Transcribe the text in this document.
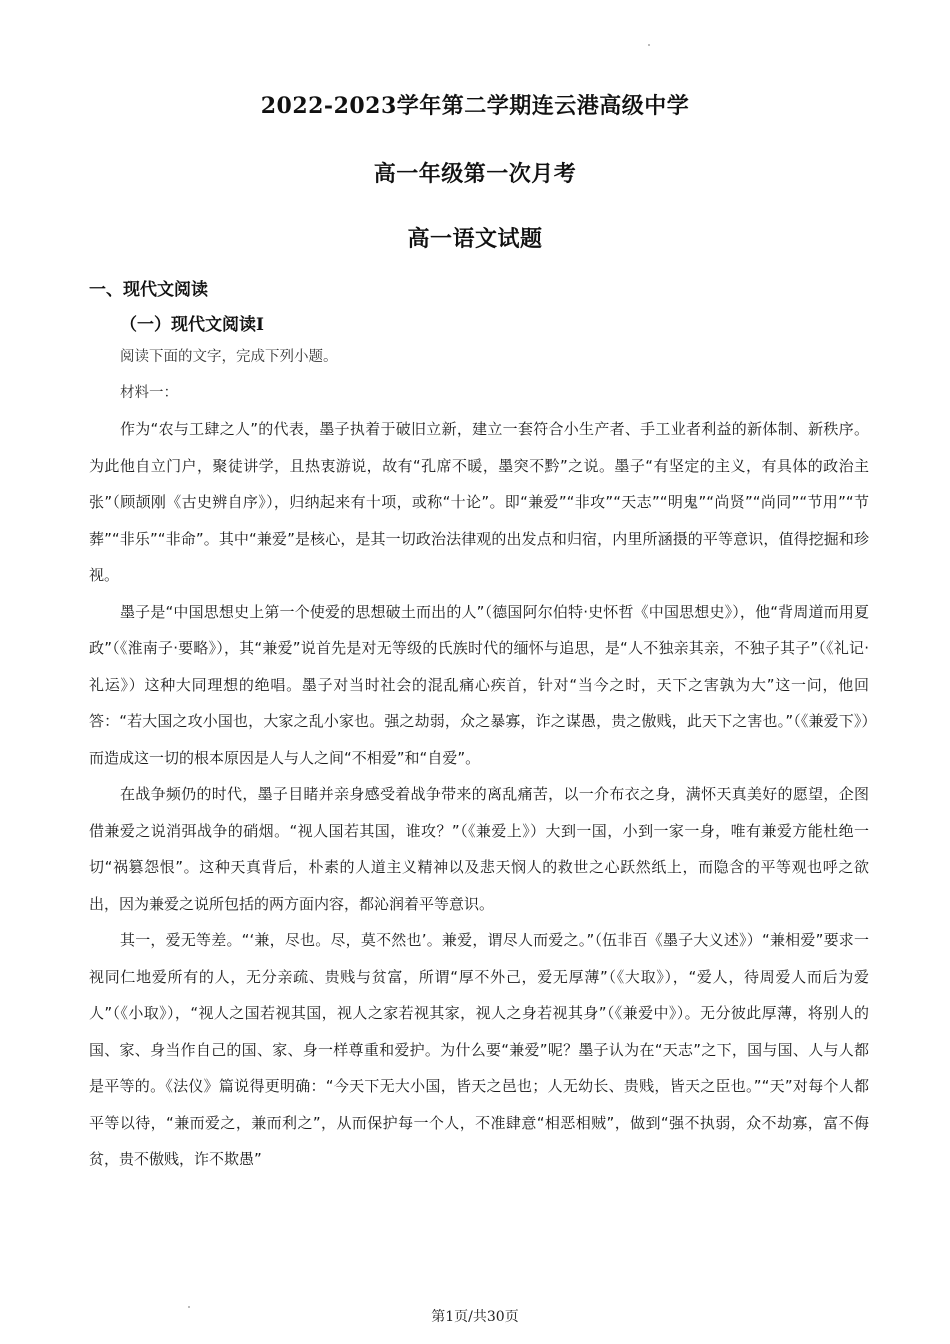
2022-2023学年第二学期连云港高级中学
高一年级第一次月考
高一语文试题
一、现代文阅读
（一）现代文阅读Ⅰ
阅读下面的文字，完成下列小题。
材料一：

作为“农与工肆之人”的代表，墨子执着于破旧立新，建立一套符合小生产者、手工业者利益的新体制、新秩序。为此他自立门户，聚徒讲学，且热衷游说，故有“孔席不暖，墨突不黔”之说。墨子“有坚定的主义，有具体的政治主张”（顾颉刚《古史辨自序》），归纳起来有十项，或称“十论”。即“兼爱”“非攻”“天志”“明鬼”“尚贤”“尚同”“节用”“节葬”“非乐”“非命”。其中“兼爱”是核心，是其一切政治法律观的出发点和归宿，内里所涵摄的平等意识，值得挖掘和珍视。

墨子是“中国思想史上第一个使爱的思想破土而出的人”（德国阿尔伯特·史怀哲《中国思想史》），他“背周道而用夏政”（《淮南子·要略》），其“兼爱”说首先是对无等级的氏族时代的缅怀与追思，是“人不独亲其亲，不独子其子”（《礼记·礼运》）这种大同理想的绝唱。墨子对当时社会的混乱痛心疾首，针对“当今之时，天下之害孰为大”这一问，他回答：“若大国之攻小国也，大家之乱小家也。强之劫弱，众之暴寡，诈之谋愚，贵之傲贱，此天下之害也。”（《兼爱下》）而造成这一切的根本原因是人与人之间“不相爱”和“自爱”。

在战争频仍的时代，墨子目睹并亲身感受着战争带来的离乱痛苦，以一介布衣之身，满怀天真美好的愿望，企图借兼爱之说消弭战争的硝烟。“视人国若其国，谁攻？”（《兼爱上》）大到一国，小到一家一身，唯有兼爱方能杜绝一切“祸篡怨恨”。这种天真背后，朴素的人道主义精神以及悲天悯人的救世之心跃然纸上，而隐含的平等观也呼之欲出，因为兼爱之说所包括的两方面内容，都沁润着平等意识。

其一，爱无等差。“‘兼，尽也。尽，莫不然也’。兼爱，谓尽人而爱之。”（伍非百《墨子大义述》）“兼相爱”要求一视同仁地爱所有的人，无分亲疏、贵贱与贫富，所谓“厚不外己，爱无厚薄”（《大取》），“爱人，待周爱人而后为爱人”（《小取》），“视人之国若视其国，视人之家若视其家，视人之身若视其身”（《兼爱中》）。无分彼此厚薄，将别人的国、家、身当作自己的国、家、身一样尊重和爱护。为什么要“兼爱”呢？墨子认为在“天志”之下，国与国、人与人都是平等的。《法仪》篇说得更明确：“今天下无大小国，皆天之邑也；人无幼长、贵贱，皆天之臣也。”“天”对每个人都平等以待，“兼而爱之，兼而利之”，从而保护每一个人，不准肆意“相恶相贼”，做到“强不执弱，众不劫寡，富不侮贫，贵不傲贱，诈不欺愚”

第1页/共30页
